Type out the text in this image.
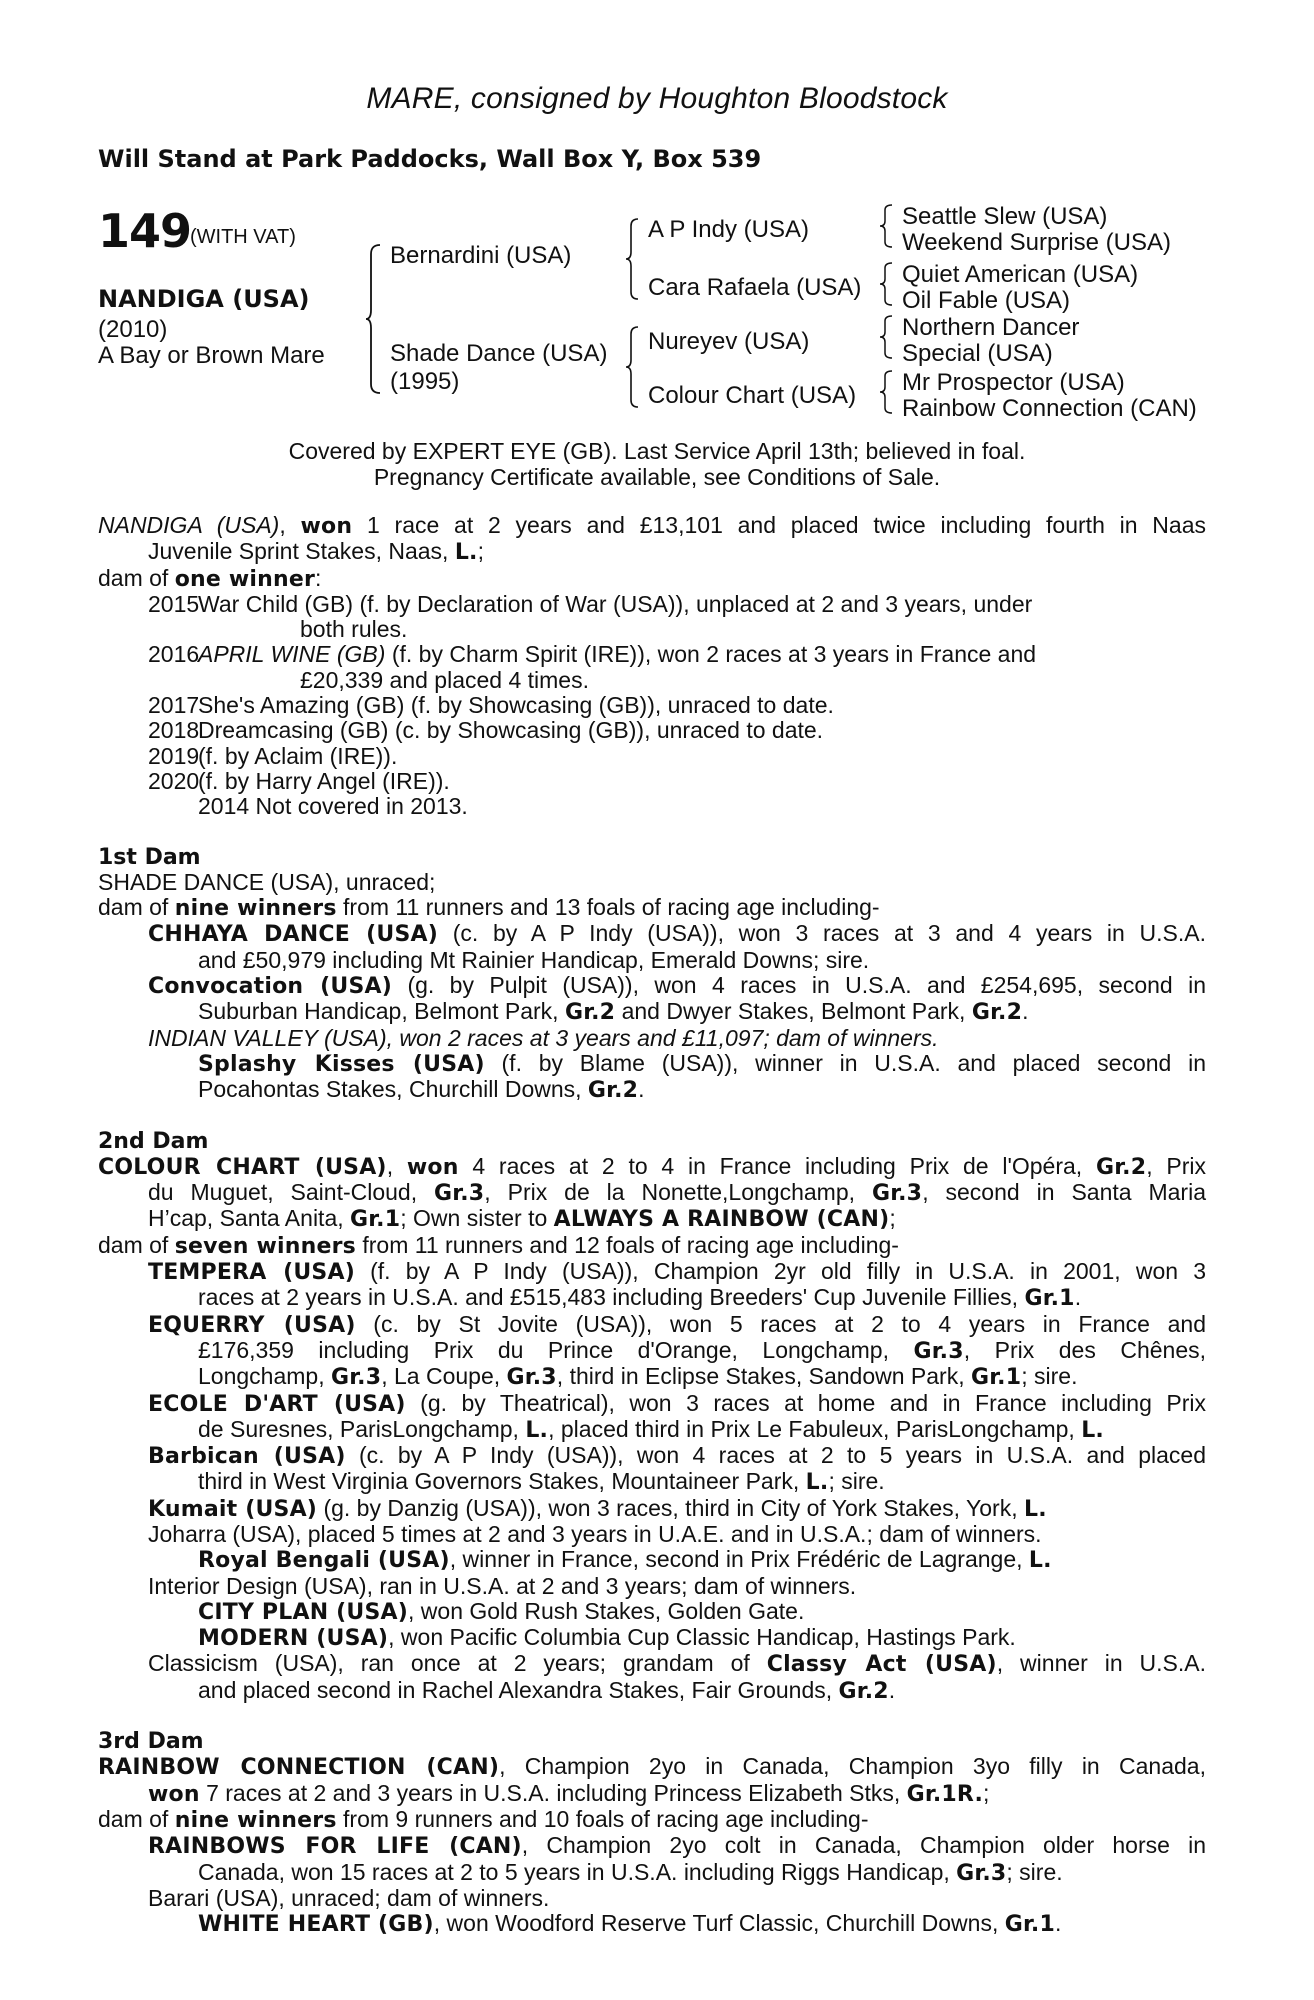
MARE, consigned by Houghton Bloodstock
Will Stand at Park Paddocks, Wall Box Y, Box 539
149
(WITH VAT)
NANDIGA (USA)
(2010)
A Bay or Brown Mare
Bernardini (USA)
Shade Dance (USA)
(1995)
A P Indy (USA)
Cara Rafaela (USA)
Nureyev (USA)
Colour Chart (USA)
Seattle Slew (USA)
Weekend Surprise (USA)
Quiet American (USA)
Oil Fable (USA)
Northern Dancer
Special (USA)
Mr Prospector (USA)
Rainbow Connection (CAN)
Covered by EXPERT EYE (GB). Last Service April 13th; believed in foal.
Pregnancy Certificate available, see Conditions of Sale.
NANDIGA (USA), won 1 race at 2 years and £13,101 and placed twice including fourth in Naas
Juvenile Sprint Stakes, Naas, L.;
dam of one winner:
2015War Child (GB) (f. by Declaration of War (USA)), unplaced at 2 and 3 years, under
both rules.
2016APRIL WINE (GB) (f. by Charm Spirit (IRE)), won 2 races at 3 years in France and
£20,339 and placed 4 times.
2017She's Amazing (GB) (f. by Showcasing (GB)), unraced to date.
2018Dreamcasing (GB) (c. by Showcasing (GB)), unraced to date.
2019(f. by Aclaim (IRE)).
2020(f. by Harry Angel (IRE)).
2014 Not covered in 2013.
1st Dam
SHADE DANCE (USA), unraced;
dam of nine winners from 11 runners and 13 foals of racing age including-
CHHAYA DANCE (USA) (c. by A P Indy (USA)), won 3 races at 3 and 4 years in U.S.A.
and £50,979 including Mt Rainier Handicap, Emerald Downs; sire.
Convocation (USA) (g. by Pulpit (USA)), won 4 races in U.S.A. and £254,695, second in
Suburban Handicap, Belmont Park, Gr.2 and Dwyer Stakes, Belmont Park, Gr.2.
INDIAN VALLEY (USA), won 2 races at 3 years and £11,097; dam of winners.
Splashy Kisses (USA) (f. by Blame (USA)), winner in U.S.A. and placed second in
Pocahontas Stakes, Churchill Downs, Gr.2.
2nd Dam
COLOUR CHART (USA), won 4 races at 2 to 4 in France including Prix de l'Opéra, Gr.2, Prix
du Muguet, Saint-Cloud, Gr.3, Prix de la Nonette,Longchamp, Gr.3, second in Santa Maria
H’cap, Santa Anita, Gr.1; Own sister to ALWAYS A RAINBOW (CAN);
dam of seven winners from 11 runners and 12 foals of racing age including-
TEMPERA (USA) (f. by A P Indy (USA)), Champion 2yr old filly in U.S.A. in 2001, won 3
races at 2 years in U.S.A. and £515,483 including Breeders' Cup Juvenile Fillies, Gr.1.
EQUERRY (USA) (c. by St Jovite (USA)), won 5 races at 2 to 4 years in France and
£176,359 including Prix du Prince d'Orange, Longchamp, Gr.3, Prix des Chênes,
Longchamp, Gr.3, La Coupe, Gr.3, third in Eclipse Stakes, Sandown Park, Gr.1; sire.
ECOLE D'ART (USA) (g. by Theatrical), won 3 races at home and in France including Prix
de Suresnes, ParisLongchamp, L., placed third in Prix Le Fabuleux, ParisLongchamp, L.
Barbican (USA) (c. by A P Indy (USA)), won 4 races at 2 to 5 years in U.S.A. and placed
third in West Virginia Governors Stakes, Mountaineer Park, L.; sire.
Kumait (USA) (g. by Danzig (USA)), won 3 races, third in City of York Stakes, York, L.
Joharra (USA), placed 5 times at 2 and 3 years in U.A.E. and in U.S.A.; dam of winners.
Royal Bengali (USA), winner in France, second in Prix Frédéric de Lagrange, L.
Interior Design (USA), ran in U.S.A. at 2 and 3 years; dam of winners.
CITY PLAN (USA), won Gold Rush Stakes, Golden Gate.
MODERN (USA), won Pacific Columbia Cup Classic Handicap, Hastings Park.
Classicism (USA), ran once at 2 years; grandam of Classy Act (USA), winner in U.S.A.
and placed second in Rachel Alexandra Stakes, Fair Grounds, Gr.2.
3rd Dam
RAINBOW CONNECTION (CAN), Champion 2yo in Canada, Champion 3yo filly in Canada,
won 7 races at 2 and 3 years in U.S.A. including Princess Elizabeth Stks, Gr.1R.;
dam of nine winners from 9 runners and 10 foals of racing age including-
RAINBOWS FOR LIFE (CAN), Champion 2yo colt in Canada, Champion older horse in
Canada, won 15 races at 2 to 5 years in U.S.A. including Riggs Handicap, Gr.3; sire.
Barari (USA), unraced; dam of winners.
WHITE HEART (GB), won Woodford Reserve Turf Classic, Churchill Downs, Gr.1.
